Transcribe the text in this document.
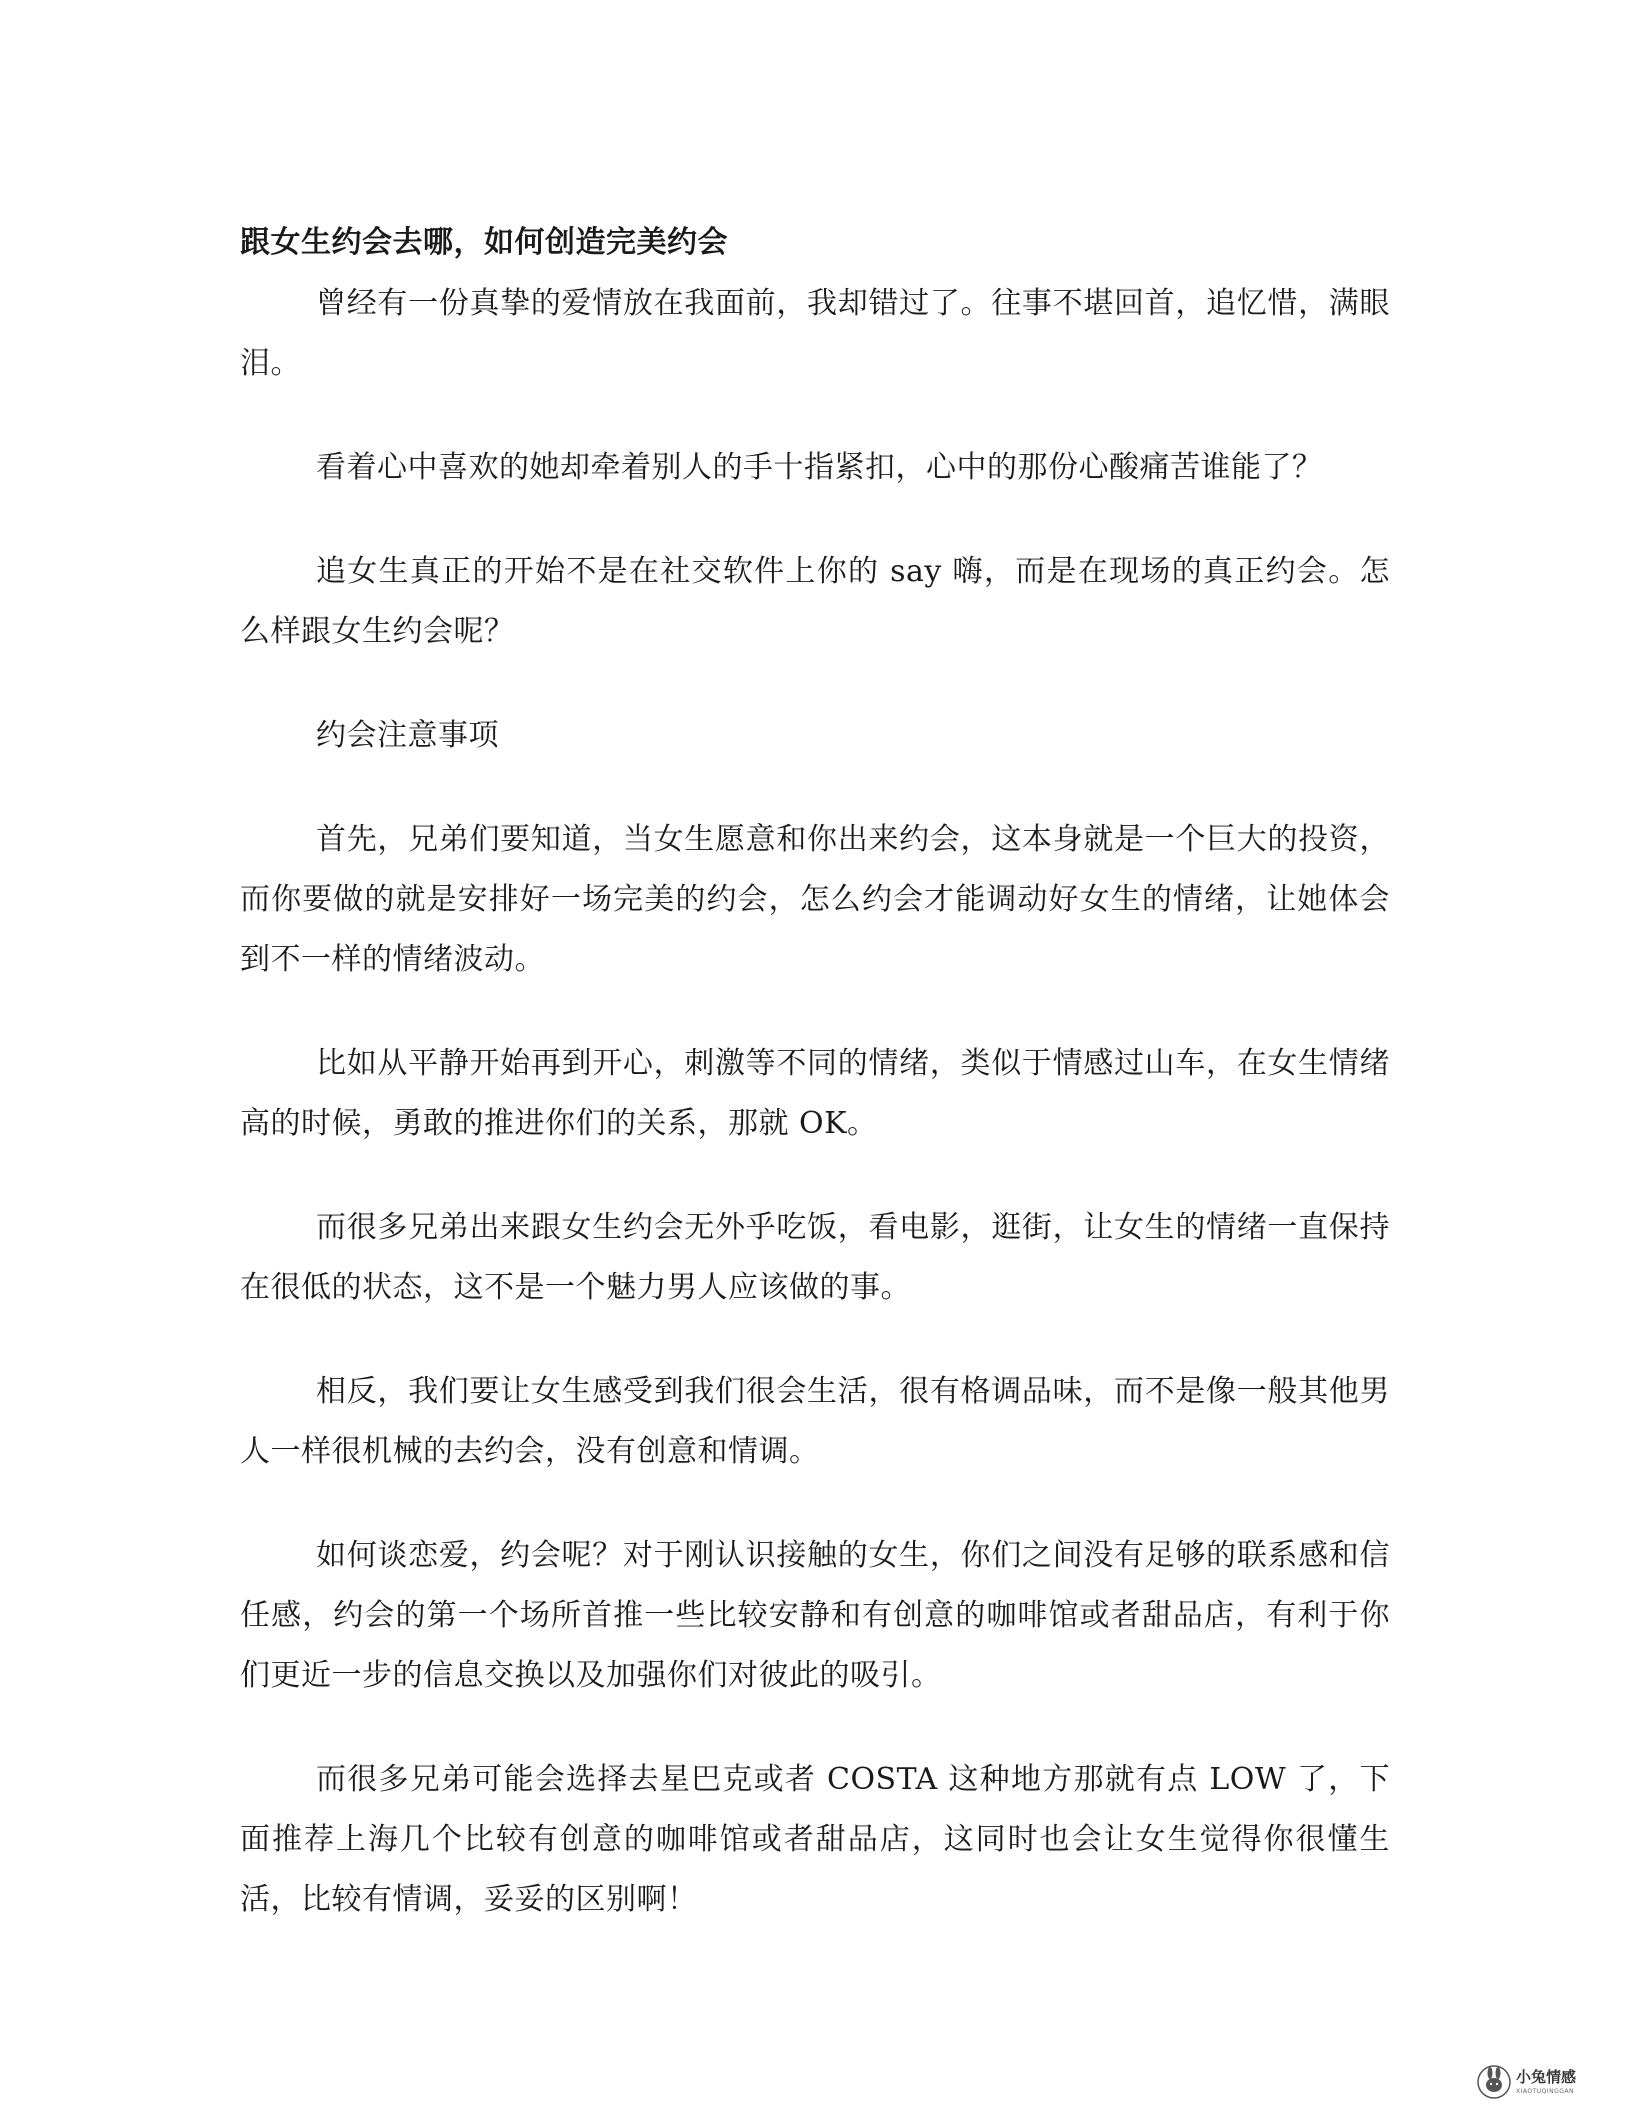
跟女生约会去哪，如何创造完美约会

曾经有一份真挚的爱情放在我面前，我却错过了。往事不堪回首，追忆惜，满眼泪。

看着心中喜欢的她却牵着别人的手十指紧扣，心中的那份心酸痛苦谁能了？

追女生真正的开始不是在社交软件上你的 say 嗨，而是在现场的真正约会。怎么样跟女生约会呢？

约会注意事项

首先，兄弟们要知道，当女生愿意和你出来约会，这本身就是一个巨大的投资，而你要做的就是安排好一场完美的约会，怎么约会才能调动好女生的情绪，让她体会到不一样的情绪波动。

比如从平静开始再到开心，刺激等不同的情绪，类似于情感过山车，在女生情绪高的时候，勇敢的推进你们的关系，那就 OK。

而很多兄弟出来跟女生约会无外乎吃饭，看电影，逛街，让女生的情绪一直保持在很低的状态，这不是一个魅力男人应该做的事。

相反，我们要让女生感受到我们很会生活，很有格调品味，而不是像一般其他男人一样很机械的去约会，没有创意和情调。

如何谈恋爱，约会呢？对于刚认识接触的女生，你们之间没有足够的联系感和信任感，约会的第一个场所首推一些比较安静和有创意的咖啡馆或者甜品店，有利于你们更近一步的信息交换以及加强你们对彼此的吸引。

而很多兄弟可能会选择去星巴克或者 COSTA 这种地方那就有点 LOW 了，下面推荐上海几个比较有创意的咖啡馆或者甜品店，这同时也会让女生觉得你很懂生活，比较有情调，妥妥的区别啊！

小兔情感
XIAOTUQINGGAN
